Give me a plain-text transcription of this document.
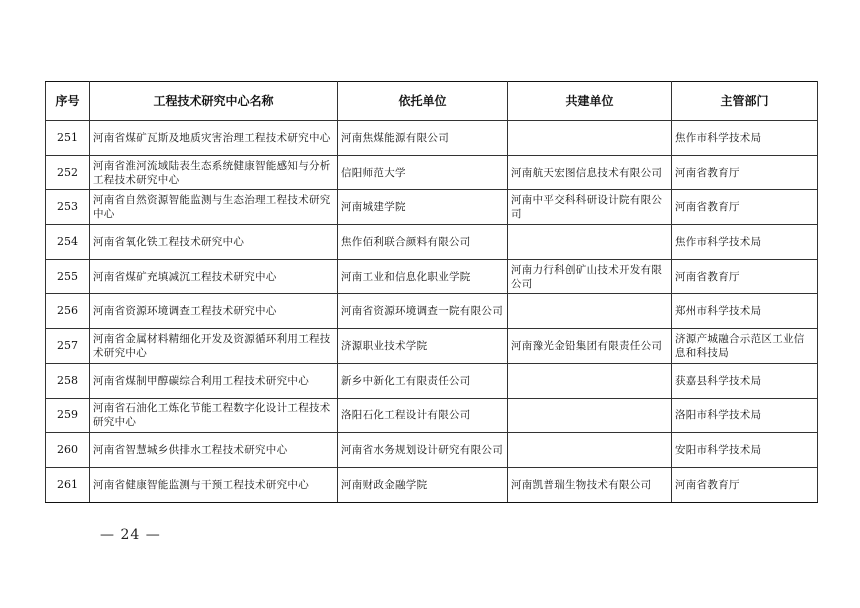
序号	工程技术研究中心名称	依托单位	共建单位	主管部门
251	河南省煤矿瓦斯及地质灾害治理工程技术研究中心	河南焦煤能源有限公司		焦作市科学技术局
252	河南省淮河流域陆表生态系统健康智能感知与分析工程技术研究中心	信阳师范大学	河南航天宏图信息技术有限公司	河南省教育厅
253	河南省自然资源智能监测与生态治理工程技术研究中心	河南城建学院	河南中平交科科研设计院有限公司	河南省教育厅
254	河南省氧化铁工程技术研究中心	焦作佰利联合颜料有限公司		焦作市科学技术局
255	河南省煤矿充填减沉工程技术研究中心	河南工业和信息化职业学院	河南力行科创矿山技术开发有限公司	河南省教育厅
256	河南省资源环境调查工程技术研究中心	河南省资源环境调查一院有限公司		郑州市科学技术局
257	河南省金属材料精细化开发及资源循环利用工程技术研究中心	济源职业技术学院	河南豫光金铅集团有限责任公司	济源产城融合示范区工业信息和科技局
258	河南省煤制甲醇碳综合利用工程技术研究中心	新乡中新化工有限责任公司		获嘉县科学技术局
259	河南省石油化工炼化节能工程数字化设计工程技术研究中心	洛阳石化工程设计有限公司		洛阳市科学技术局
260	河南省智慧城乡供排水工程技术研究中心	河南省水务规划设计研究有限公司		安阳市科学技术局
261	河南省健康智能监测与干预工程技术研究中心	河南财政金融学院	河南凯普瑞生物技术有限公司	河南省教育厅
— 24 —
